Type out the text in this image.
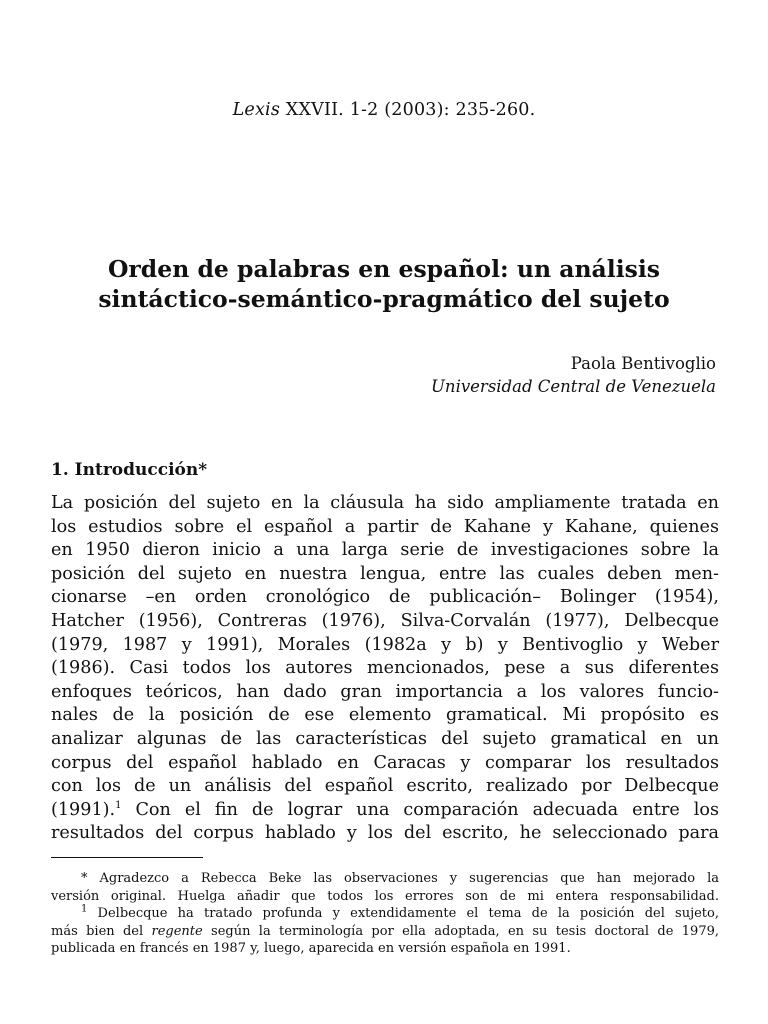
Lexis XXVII. 1-2 (2003): 235-260.
Orden de palabras en español: un análisis
sintáctico-semántico-pragmático del sujeto
Paola Bentivoglio
Universidad Central de Venezuela
1. Introducción*
La posición del sujeto en la cláusula ha sido ampliamente tratada en
los estudios sobre el español a partir de Kahane y Kahane, quienes
en 1950 dieron inicio a una larga serie de investigaciones sobre la
posición del sujeto en nuestra lengua, entre las cuales deben men-
cionarse –en orden cronológico de publicación– Bolinger (1954),
Hatcher (1956), Contreras (1976), Silva-Corvalán (1977), Delbecque
(1979, 1987 y 1991), Morales (1982a y b) y Bentivoglio y Weber
(1986). Casi todos los autores mencionados, pese a sus diferentes
enfoques teóricos, han dado gran importancia a los valores funcio-
nales de la posición de ese elemento gramatical. Mi propósito es
analizar algunas de las características del sujeto gramatical en un
corpus del español hablado en Caracas y comparar los resultados
con los de un análisis del español escrito, realizado por Delbecque
(1991).$^1$ Con el fin de lograr una comparación adecuada entre los
resultados del corpus hablado y los del escrito, he seleccionado para
* Agradezco a Rebecca Beke las observaciones y sugerencias que han mejorado la
versión original. Huelga añadir que todos los errores son de mi entera responsabilidad.
$^1$ Delbecque ha tratado profunda y extendidamente el tema de la posición del sujeto,
más bien del regente según la terminología por ella adoptada, en su tesis doctoral de 1979,
publicada en francés en 1987 y, luego, aparecida en versión española en 1991.
